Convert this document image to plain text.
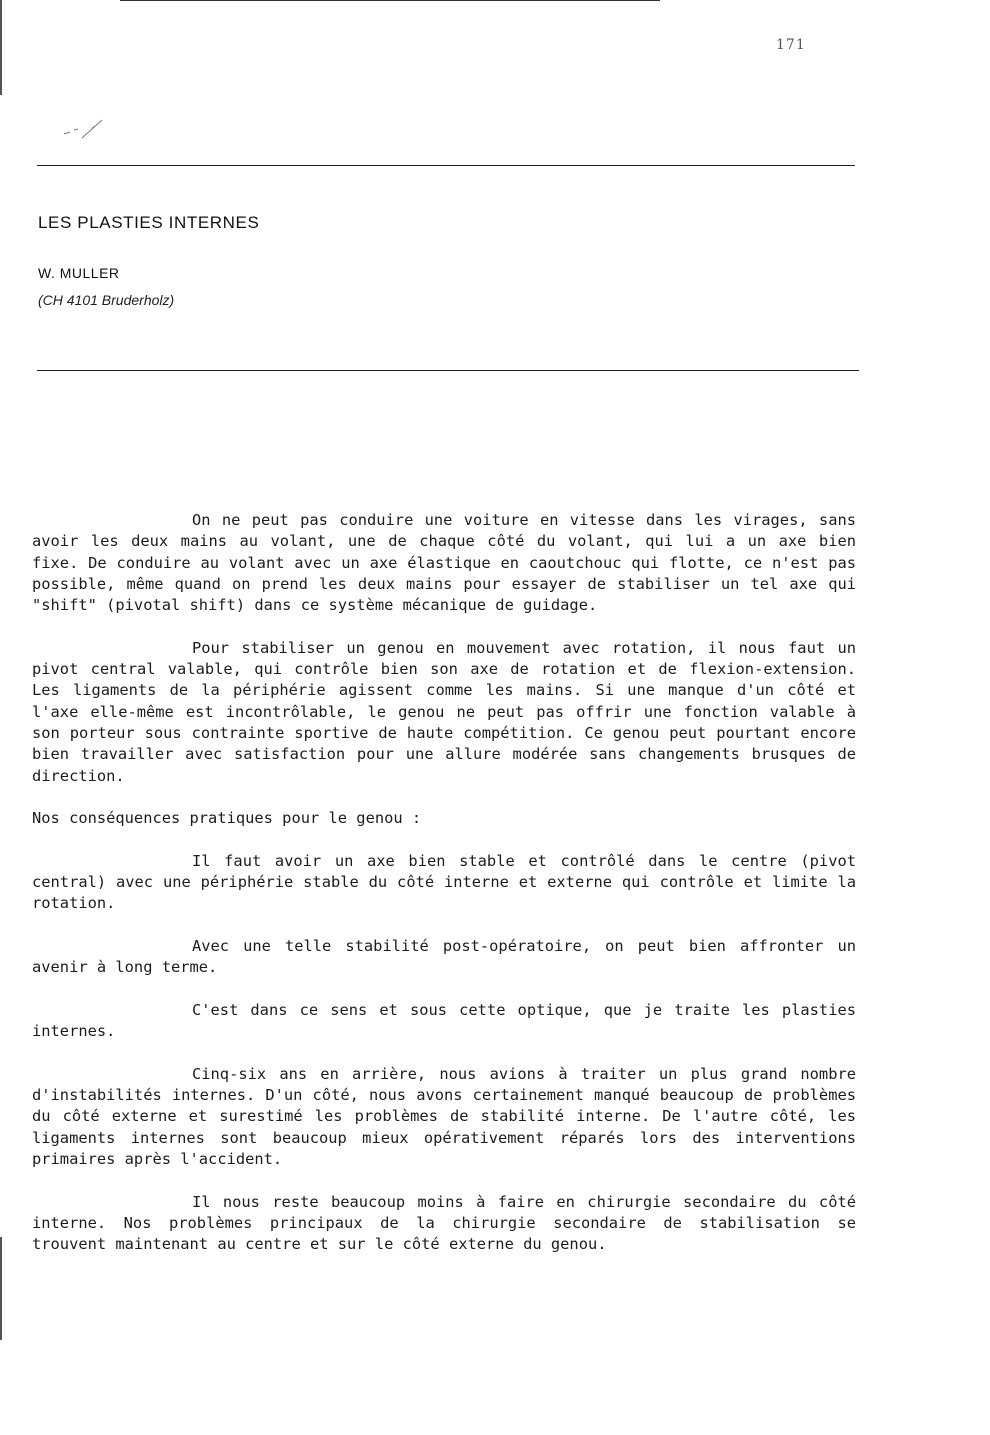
171
LES PLASTIES INTERNES
W. MULLER
(CH 4101 Bruderholz)

On ne peut pas conduire une voiture en vitesse dans les virages, sans avoir les deux mains au volant, une de chaque côté du volant, qui lui a un axe bien fixe. De conduire au volant avec un axe élastique en caoutchouc qui flotte, ce n'est pas possible, même quand on prend les deux mains pour essayer de stabiliser un tel axe qui "shift" (pivotal shift) dans ce système mécanique de guidage.

Pour stabiliser un genou en mouvement avec rotation, il nous faut un pivot central valable, qui contrôle bien son axe de rotation et de flexion-extension. Les ligaments de la périphérie agissent comme les mains. Si une manque d'un côté et l'axe elle-même est incontrôlable, le genou ne peut pas offrir une fonction valable à son porteur sous contrainte sportive de haute compétition. Ce genou peut pourtant encore bien travailler avec satisfaction pour une allure modérée sans changements brusques de direction.

Nos conséquences pratiques pour le genou :

Il faut avoir un axe bien stable et contrôlé dans le centre (pivot central) avec une périphérie stable du côté interne et externe qui contrôle et limite la rotation.

Avec une telle stabilité post-opératoire, on peut bien affronter un avenir à long terme.

C'est dans ce sens et sous cette optique, que je traite les plasties internes.

Cinq-six ans en arrière, nous avions à traiter un plus grand nombre d'instabilités internes. D'un côté, nous avons certainement manqué beaucoup de problèmes du côté externe et surestimé les problèmes de stabilité interne. De l'autre côté, les ligaments internes sont beaucoup mieux opérativement réparés lors des interventions primaires après l'accident.

Il nous reste beaucoup moins à faire en chirurgie secondaire du côté interne. Nos problèmes principaux de la chirurgie secondaire de stabilisation se trouvent maintenant au centre et sur le côté externe du genou.
